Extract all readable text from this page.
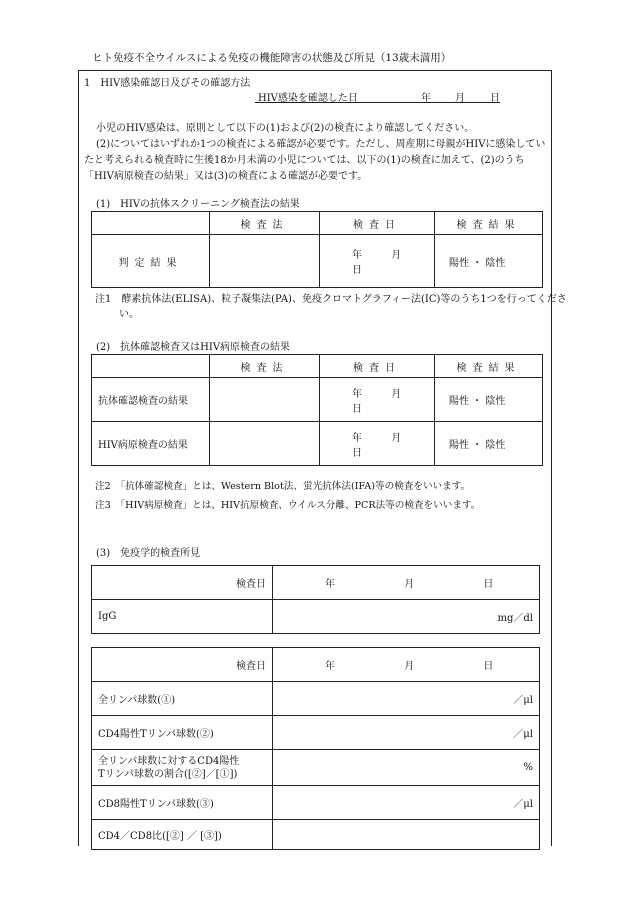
ヒト免疫不全ウイルスによる免疫の機能障害の状態及び所見（13歳未満用）
1　HIV感染確認日及びその確認方法
HIV感染を確認した日	年 月	日
小児のHIV感染は、原則として以下の(1)および(2)の検査により確認してください。
(2)についてはいずれか1つの検査による確認が必要です。ただし、周産期に母親がHIVに感染していたと考えられる検査時に生後18か月未満の小児については、以下の(1)の検査に加えて、(2)のうち「HIV病原検査の結果」又は(3)の検査による確認が必要です。
(1)　HIVの抗体スクリーニング検査法の結果
	検査法	検査日	検査結果
判定結果		年 月 日	陽性 ・ 陰性
注1　酵素抗体法(ELISA)、粒子凝集法(PA)、免疫クロマトグラフィー法(IC)等のうち1つを行ってください。
(2)　抗体確認検査又はHIV病原検査の結果
	検査法	検査日	検査結果
抗体確認検査の結果		年 月 日	陽性 ・ 陰性
HIV病原検査の結果		年 月 日	陽性 ・ 陰性
注2　「抗体確認検査」とは、Western Blot法、蛍光抗体法(IFA)等の検査をいいます。
注3　「HIV病原検査」とは、HIV抗原検査、ウイルス分離、PCR法等の検査をいいます。
(3)　免疫学的検査所見
検査日	年 月 日
IgG	mg／dl
検査日	年 月 日
全リンパ球数(①)	／μl
CD4陽性Tリンパ球数(②)	／μl

全リンパ球数に対するCD4陽性
Tリンパ球数の割合([②]／[①])	%
CD8陽性Tリンパ球数(③)	／μl
CD4／CD8比([②] ／ [③])	
